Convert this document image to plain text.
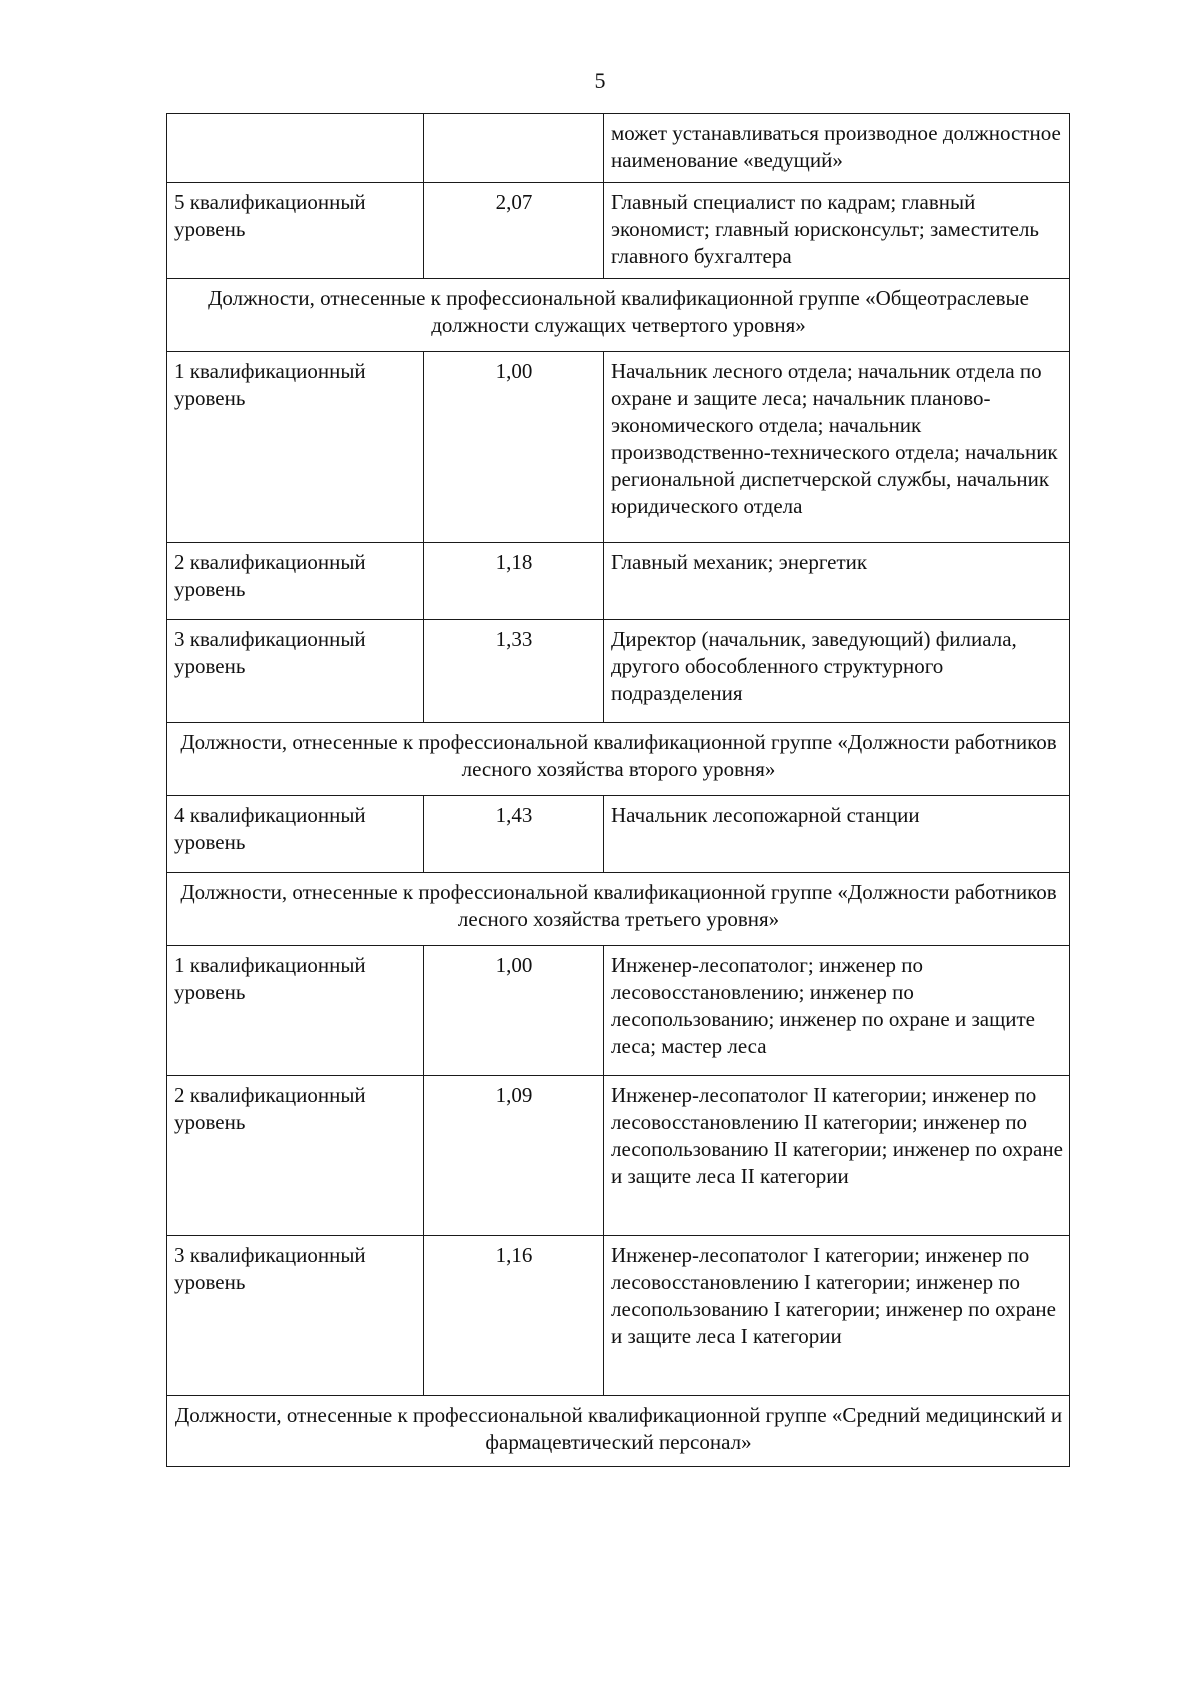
5
		может устанавливаться производное должностное наименование «ведущий»
5 квалификационный уровень	2,07	Главный специалист по кадрам; главный экономист; главный юрисконсульт; заместитель главного бухгалтера
Должности, отнесенные к профессиональной квалификационной группе «Общеотраслевые должности служащих четвертого уровня»		
1 квалификационный уровень	1,00	Начальник лесного отдела; начальник отдела по охране и защите леса; начальник планово-экономического отдела; начальник производственно-технического отдела; начальник региональной диспетчерской службы, начальник юридического отдела
2 квалификационный уровень	1,18	Главный механик; энергетик
3 квалификационный уровень	1,33	Директор (начальник, заведующий) филиала, другого обособленного структурного подразделения
Должности, отнесенные к профессиональной квалификационной группе «Должности работников лесного хозяйства второго уровня»		
4 квалификационный уровень	1,43	Начальник лесопожарной станции
Должности, отнесенные к профессиональной квалификационной группе «Должности работников лесного хозяйства третьего уровня»		
1 квалификационный уровень	1,00	Инженер-лесопатолог; инженер по лесовосстановлению; инженер по лесопользованию; инженер по охране и защите леса; мастер леса
2 квалификационный уровень	1,09	Инженер-лесопатолог II категории; инженер по лесовосстановлению II категории; инженер по лесопользованию II категории; инженер по охране и защите леса II категории
3 квалификационный уровень	1,16	Инженер-лесопатолог I категории; инженер по лесовосстановлению I категории; инженер по лесопользованию I категории; инженер по охране и защите леса I категории
Должности, отнесенные к профессиональной квалификационной группе «Средний медицинский и фармацевтический персонал»		
